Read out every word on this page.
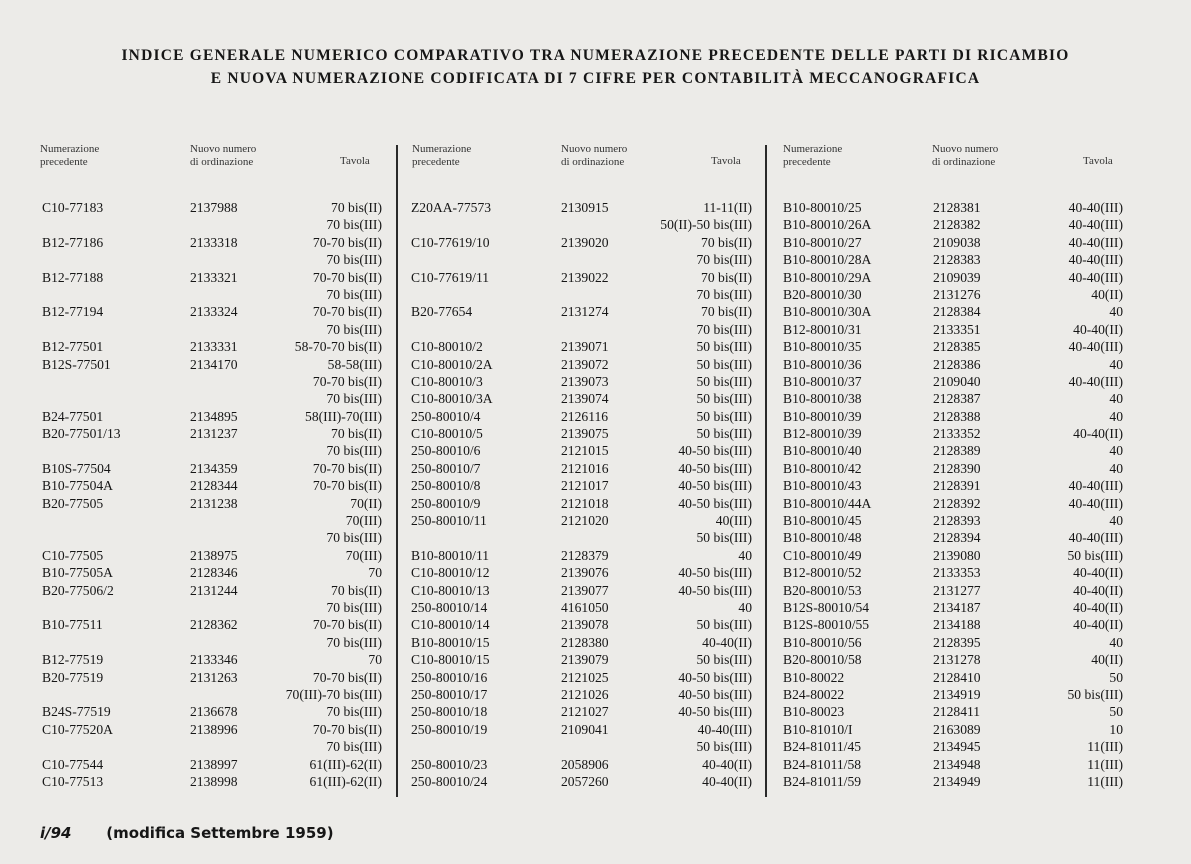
INDICE GENERALE NUMERICO COMPARATIVO TRA NUMERAZIONE PRECEDENTE DELLE PARTI DI RICAMBIO
E NUOVA NUMERAZIONE CODIFICATA DI 7 CIFRE PER CONTABILITÀ MECCANOGRAFICA
Numerazione
precedente
Nuovo numero
di ordinazione	Tavola
Numerazione
precedente
Nuovo numero
di ordinazione	Tavola
Numerazione
precedente
Nuovo numero
di ordinazione	Tavola
C10-77183	2137988	70 bis(II)
70 bis(III)
B12-77186	2133318	70-70 bis(II)
70 bis(III)
B12-77188	2133321	70-70 bis(II)
70 bis(III)
B12-77194	2133324	70-70 bis(II)
70 bis(III)
B12-77501	2133331	58-70-70 bis(II)
B12S-77501	2134170	58-58(III)
70-70 bis(II)
70 bis(III)
B24-77501	2134895	58(III)-70(III)
B20-77501/13	2131237	70 bis(II)
70 bis(III)
B10S-77504	2134359	70-70 bis(II)
B10-77504A	2128344	70-70 bis(II)
B20-77505	2131238	70(II)
70(III)
70 bis(III)
C10-77505	2138975	70(III)
B10-77505A	2128346	70
B20-77506/2	2131244	70 bis(II)
70 bis(III)
B10-77511	2128362	70-70 bis(II)
70 bis(III)
B12-77519	2133346	70
B20-77519	2131263	70-70 bis(II)
70(III)-70 bis(III)
B24S-77519	2136678	70 bis(III)
C10-77520A	2138996	70-70 bis(II)
70 bis(III)
C10-77544	2138997	61(III)-62(II)
C10-77513	2138998	61(III)-62(II)
Z20AA-77573	2130915	11-11(II)
50(II)-50 bis(III)
C10-77619/10	2139020	70 bis(II)
70 bis(III)
C10-77619/11	2139022	70 bis(II)
70 bis(III)
B20-77654	2131274	70 bis(II)
70 bis(III)
C10-80010/2	2139071	50 bis(III)
C10-80010/2A	2139072	50 bis(III)
C10-80010/3	2139073	50 bis(III)
C10-80010/3A	2139074	50 bis(III)
250-80010/4	2126116	50 bis(III)
C10-80010/5	2139075	50 bis(III)
250-80010/6	2121015	40-50 bis(III)
250-80010/7	2121016	40-50 bis(III)
250-80010/8	2121017	40-50 bis(III)
250-80010/9	2121018	40-50 bis(III)
250-80010/11	2121020	40(III)
50 bis(III)
B10-80010/11	2128379	40
C10-80010/12	2139076	40-50 bis(III)
C10-80010/13	2139077	40-50 bis(III)
250-80010/14	4161050	40
C10-80010/14	2139078	50 bis(III)
B10-80010/15	2128380	40-40(II)
C10-80010/15	2139079	50 bis(III)
250-80010/16	2121025	40-50 bis(III)
250-80010/17	2121026	40-50 bis(III)
250-80010/18	2121027	40-50 bis(III)
250-80010/19	2109041	40-40(III)
50 bis(III)
250-80010/23	2058906	40-40(II)
250-80010/24	2057260	40-40(II)
B10-80010/25	2128381	40-40(III)
B10-80010/26A	2128382	40-40(III)
B10-80010/27	2109038	40-40(III)
B10-80010/28A	2128383	40-40(III)
B10-80010/29A	2109039	40-40(III)
B20-80010/30	2131276	40(II)
B10-80010/30A	2128384	40
B12-80010/31	2133351	40-40(II)
B10-80010/35	2128385	40-40(III)
B10-80010/36	2128386	40
B10-80010/37	2109040	40-40(III)
B10-80010/38	2128387	40
B10-80010/39	2128388	40
B12-80010/39	2133352	40-40(II)
B10-80010/40	2128389	40
B10-80010/42	2128390	40
B10-80010/43	2128391	40-40(III)
B10-80010/44A	2128392	40-40(III)
B10-80010/45	2128393	40
B10-80010/48	2128394	40-40(III)
C10-80010/49	2139080	50 bis(III)
B12-80010/52	2133353	40-40(II)
B20-80010/53	2131277	40-40(II)
B12S-80010/54	2134187	40-40(II)
B12S-80010/55	2134188	40-40(II)
B10-80010/56	2128395	40
B20-80010/58	2131278	40(II)
B10-80022	2128410	50
B24-80022	2134919	50 bis(III)
B10-80023	2128411	50
B10-81010/I	2163089	10
B24-81011/45	2134945	11(III)
B24-81011/58	2134948	11(III)
B24-81011/59	2134949	11(III)
i/94 (modifica Settembre 1959)
